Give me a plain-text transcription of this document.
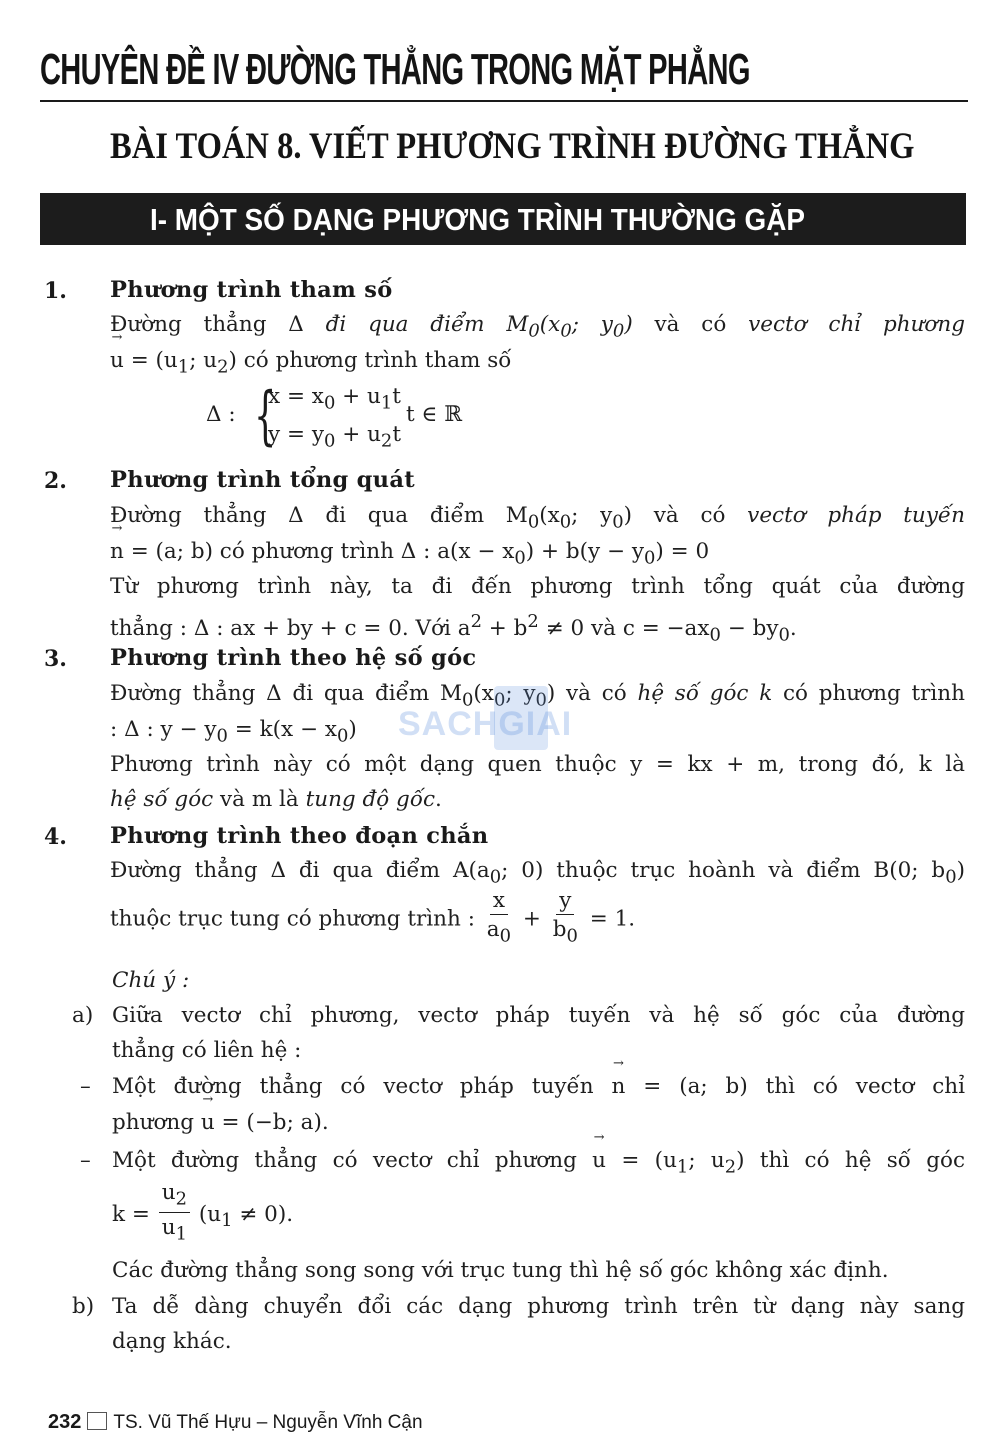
CHUYÊN ĐỀ IV ĐƯỜNG THẲNG TRONG MẶT PHẲNG
BÀI TOÁN 8. VIẾT PHƯƠNG TRÌNH ĐƯỜNG THẲNG
I- MỘT SỐ DẠNG PHƯƠNG TRÌNH THƯỜNG GẶP
1. Phương trình tham số
Đường thẳng Δ đi qua điểm $M_0(x_0$; $y_0$) và có vectơ chỉ phương
→ $u = (u_1$; $u_2$) có phương trình tham số
Δ : {
$x = x_0 + u_1t$
$y = y_0 + u_2t$
t ∈ ℝ
2. Phương trình tổng quát
Đường thẳng Δ đi qua điểm $M_0(x_0$; $y_0$) và có vectơ pháp tuyến
→ n = (a; b) có phương trình Δ : $a(x - x_0) + b(y - y_0) = 0$
Từ phương trình này, ta đi đến phương trình tổng quát của đường
thẳng : Δ : ax + by + c = 0. Với $a^2 + b^2 \ne 0$ và $c = -ax_0 - by_0$.
3. Phương trình theo hệ số góc
Đường thẳng Δ đi qua điểm $M_0(x_0$; $y_0$) và có hệ số góc k có phương trình
: Δ : $y - y_0 = k(x - x_0)$
Phương trình này có một dạng quen thuộc y = kx + m, trong đó, k là
hệ số góc và m là tung độ gốc.
4. Phương trình theo đoạn chắn
Đường thẳng Δ đi qua điểm $A(a_0$; 0) thuộc trục hoành và điểm B(0; $b_0$)
thuộc trục tung có phương trình : $\frac{x}{a_0} + \frac{y}{b_0} = 1$.
Chú ý :
a) Giữa vectơ chỉ phương, vectơ pháp tuyến và hệ số góc của đường
thẳng có liên hệ :
– Một đường thẳng có vectơ pháp tuyến → n = (a; b) thì có vectơ chỉ
phương → u = (−b; a).
– Một đường thẳng có vectơ chỉ phương → $u = (u_1$; $u_2$) thì có hệ số góc
$k = \frac{u_2}{u_1} (u_1 \ne 0)$.
Các đường thẳng song song với trục tung thì hệ số góc không xác định.
b) Ta dễ dàng chuyển đổi các dạng phương trình trên từ dạng này sang
dạng khác.
SACHGIAI
232 TS. Vũ Thế Hựu – Nguyễn Vĩnh Cận
